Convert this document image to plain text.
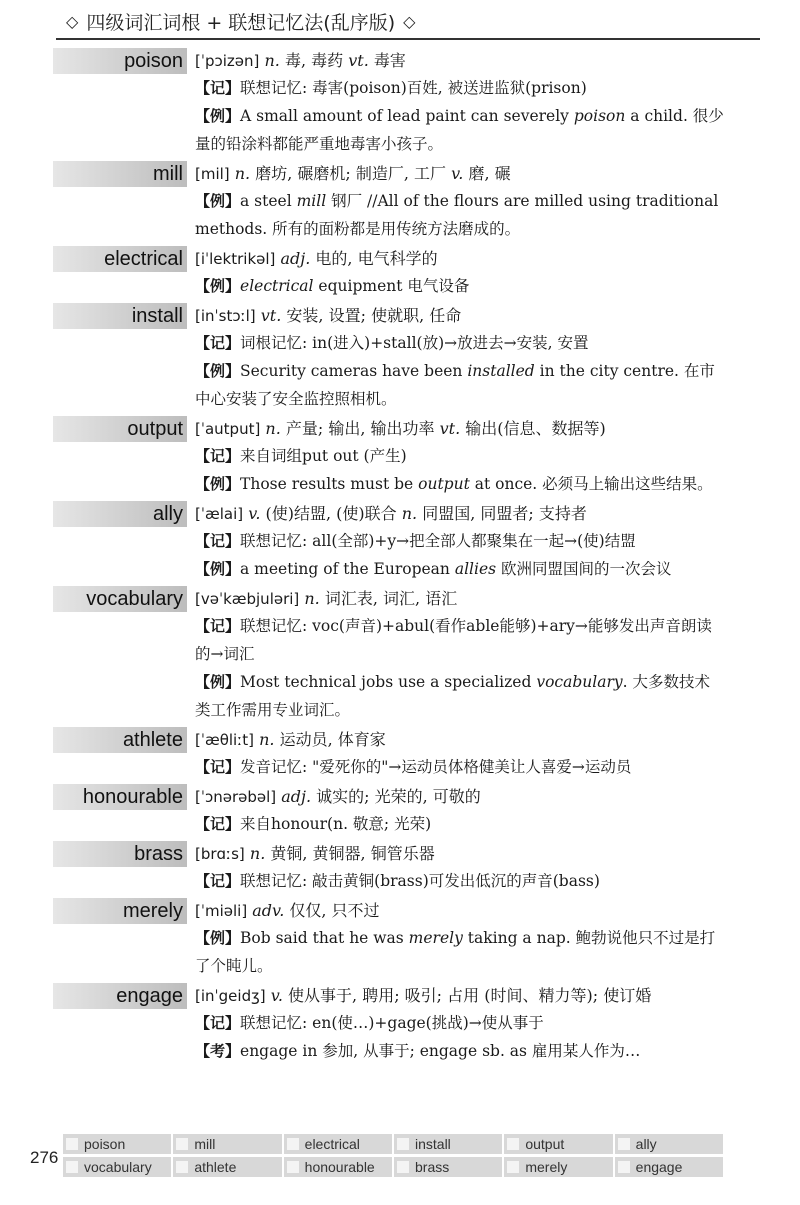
◇ 四级词汇词根 + 联想记忆法(乱序版) ◇
poison [ˈpɔizən] n. 毒, 毒药 vt. 毒害
【记】联想记忆: 毒害(poison)百姓, 被送进监狱(prison)
【例】A small amount of lead paint can severely poison a child. 很少量的铅涂料都能严重地毒害小孩子。
mill [mil] n. 磨坊, 碾磨机; 制造厂, 工厂 v. 磨, 碾
【例】a steel mill 钢厂 //All of the flours are milled using traditional methods. 所有的面粉都是用传统方法磨成的。
electrical [iˈlektrikəl] adj. 电的, 电气科学的
【例】electrical equipment 电气设备
install [inˈstɔːl] vt. 安装, 设置; 使就职, 任命
【记】词根记忆: in(进入)+stall(放)→放进去→安装, 安置
【例】Security cameras have been installed in the city centre. 在市中心安装了安全监控照相机。
output [ˈautput] n. 产量; 输出, 输出功率 vt. 输出(信息、数据等)
【记】来自词组put out (产生)
【例】Those results must be output at once. 必须马上输出这些结果。
ally [ˈælai] v. (使)结盟, (使)联合 n. 同盟国, 同盟者; 支持者
【记】联想记忆: all(全部)+y→把全部人都聚集在一起→(使)结盟
【例】a meeting of the European allies 欧洲同盟国间的一次会议
vocabulary [vəˈkæbjuləri] n. 词汇表, 词汇, 语汇
【记】联想记忆: voc(声音)+abul(看作able能够)+ary→能够发出声音朗读的→词汇
【例】Most technical jobs use a specialized vocabulary. 大多数技术类工作需用专业词汇。
athlete [ˈæθliːt] n. 运动员, 体育家
【记】发音记忆: "爱死你的"→运动员体格健美让人喜爱→运动员
honourable [ˈɔnərəbəl] adj. 诚实的; 光荣的, 可敬的
【记】来自honour(n. 敬意; 光荣)
brass [brɑːs] n. 黄铜, 黄铜器, 铜管乐器
【记】联想记忆: 敲击黄铜(brass)可发出低沉的声音(bass)
merely [ˈmiəli] adv. 仅仅, 只不过
【例】Bob said that he was merely taking a nap. 鲍勃说他只不过是打了个盹儿。
engage [inˈgeidʒ] v. 使从事于, 聘用; 吸引; 占用 (时间、精力等); 使订婚
【记】联想记忆: en(使…)+gage(挑战)→使从事于
【考】engage in 参加, 从事于; engage sb. as 雇用某人作为…
276
poison	mill	electrical	install	output	ally
vocabulary	athlete	honourable	brass	merely	engage
